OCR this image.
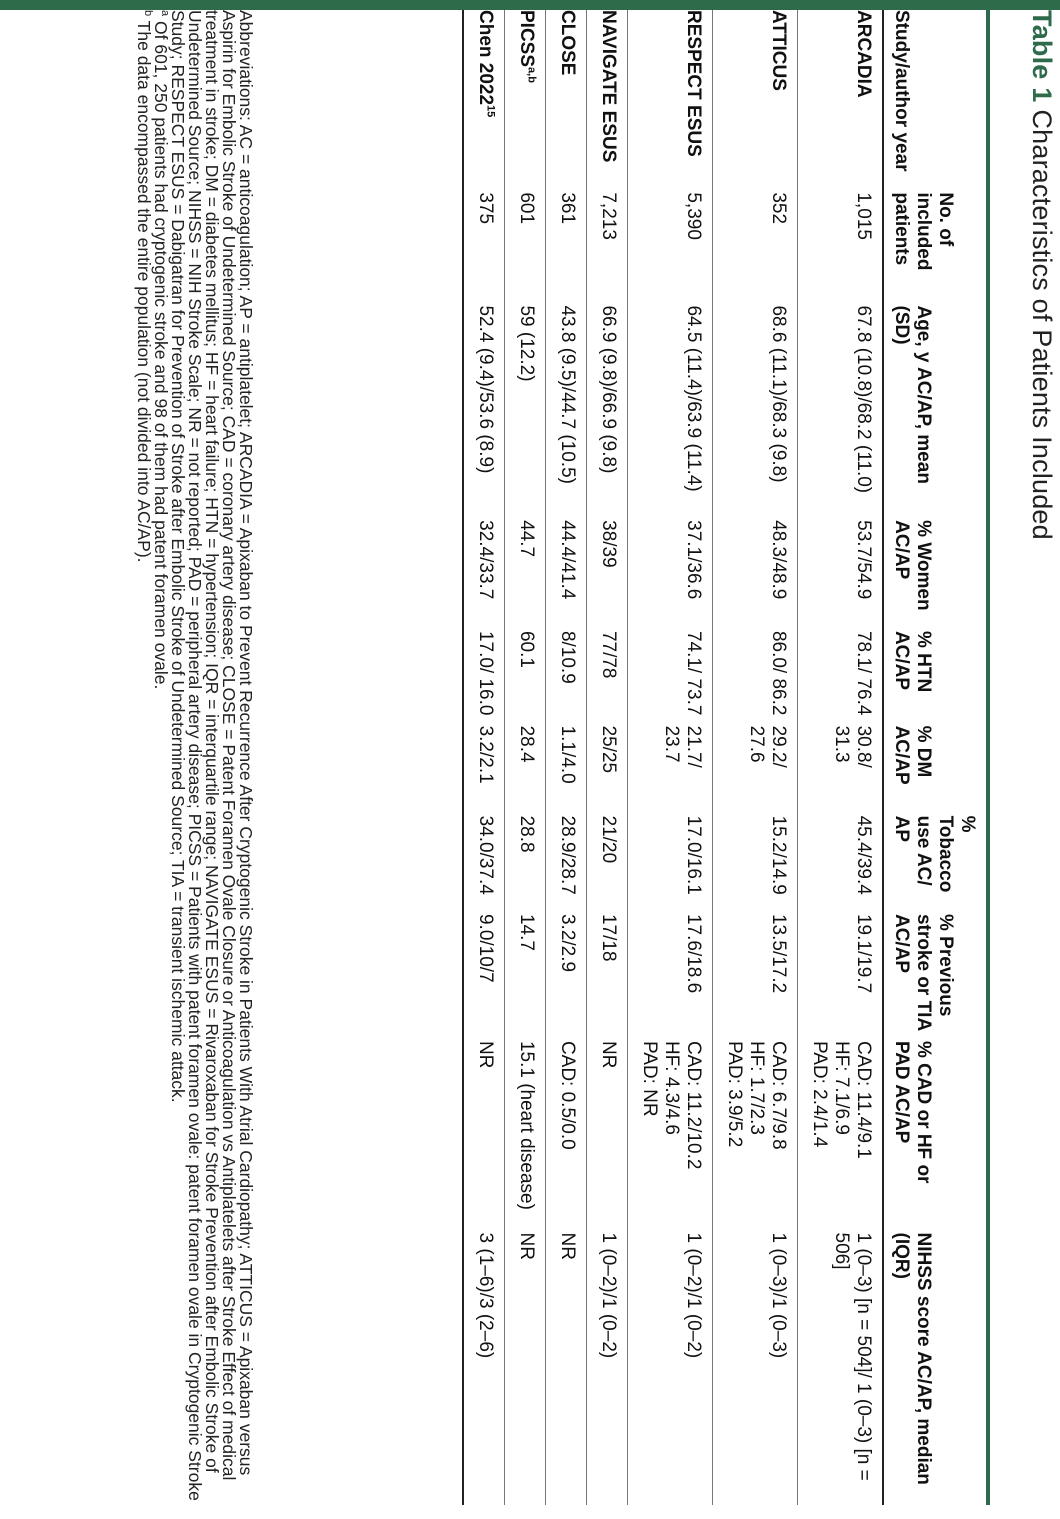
Table 1Characteristics of Patients Included
Study/author year	No. of included patients	Age, y AC/AP, mean (SD)	% Women AC/AP	% HTN AC/AP	% DM AC/AP	% Tobacco use AC/ AP	% Previous stroke or TIA AC/AP	% CAD or HF or PAD AC/AP	NIHSS score AC/AP, median (IQR)
ARCADIA	1,015	67.8 (10.8)/68.2 (11.0)	53.7/54.9	78.1/ 76.4	30.8/ 31.3	45.4/39.4	19.1/19.7	CAD: 11.4/9.1
HF: 7.1/6.9
PAD: 2.4/1.4	1 (0–3) [n = 504]/ 1 (0–3) [n = 506]
ATTICUS	352	68.6 (11.1)/68.3 (9.8)	48.3/48.9	86.0/ 86.2	29.2/ 27.6	15.2/14.9	13.5/17.2	CAD: 6.7/9.8
HF: 1.7/2.3
PAD: 3.9/5.2	1 (0–3)/1 (0–3)
RESPECT ESUS	5,390	64.5 (11.4)/63.9 (11.4)	37.1/36.6	74.1/ 73.7	21.7/ 23.7	17.0/16.1	17.6/18.6	CAD: 11.2/10.2
HF: 4.3/4.6
PAD: NR	1 (0–2)/1 (0–2)
NAVIGATE ESUS	7,213	66.9 (9.8)/66.9 (9.8)	38/39	77/78	25/25	21/20	17/18	NR	1 (0–2)/1 (0–2)
CLOSE	361	43.8 (9.5)/44.7 (10.5)	44.4/41.4	8/10.9	1.1/4.0	28.9/28.7	3.2/2.9	CAD: 0.5/0.0	NR
PICSS$^{a,b}$	601	59 (12.2)	44.7	60.1	28.4	28.8	14.7	15.1 (heart disease)	NR
Chen 2022$^{15}$	375	52.4 (9.4)/53.6 (8.9)	32.4/33.7	17.0/ 16.0	3.2/2.1	34.0/37.4	9.0/10/7	NR	3 (1–6)/3 (2–6)

Abbreviations: AC = anticoagulation; AP = antiplatelet; ARCADIA = Apixaban to Prevent Recurrence After Cryptogenic Stroke in Patients With Atrial Cardiopathy; ATTICUS = Apixaban versus Aspirin for Embolic Stroke of Undetermined Source; CAD = coronary artery disease; CLOSE = Patent Foramen Ovale Closure or Anticoagulation vs Antiplatelets after Stroke Effect of medical treatment in stroke; DM = diabetes mellitus; HF = heart failure; HTN = hypertension; IQR = interquartile range; NAVIGATE ESUS = Rivaroxaban for Stroke Prevention after Embolic Stroke of Undetermined Source; NIHSS = NIH Stroke Scale; NR = not reported; PAD = peripheral artery disease; PICSS = Patients with patent foramen ovale: patent foramen ovale in Cryptogenic Stroke Study; RESPECT ESUS = Dabigatran for Prevention of Stroke after Embolic Stroke of Undetermined Source; TIA = transient ischemic attack.

$^a$ Of 601, 250 patients had cryptogenic stroke and 98 of them had patent foramen ovale.

$^b$ The data encompassed the entire population (not divided into AC/AP).
